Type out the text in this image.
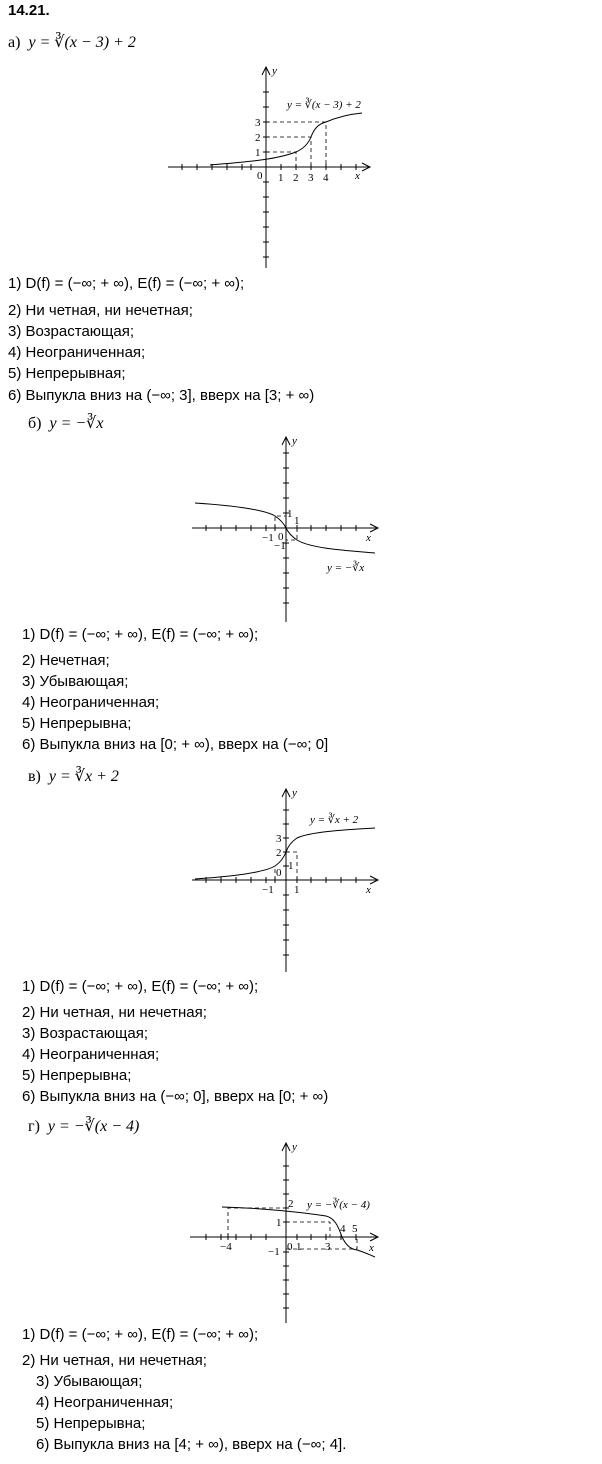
14.21.
а) y = ∛(x − 3) + 2
y
x
0 1 2 3 4
1
2
3
y = ∛(x − 3) + 2
1) D(f) = (−∞; + ∞), E(f) = (−∞; + ∞);
2) Ни четная, ни нечетная;
3) Возрастающая;
4) Неограниченная;
5) Непрерывная;
6) Выпукла вниз на (−∞; 3], вверх на [3; + ∞)
б) y = −∛x
y
x
0
−1
1
1
−1
y = −∛x
1) D(f) = (−∞; + ∞), E(f) = (−∞; + ∞);
2) Нечетная;
3) Убывающая;
4) Неограниченная;
5) Непрерывна;
6) Выпукла вниз на [0; + ∞), вверх на (−∞; 0]
в) y = ∛x + 2
y
x
0
−1 1
1
2
3
y = ∛x + 2
1) D(f) = (−∞; + ∞), E(f) = (−∞; + ∞);
2) Ни четная, ни нечетная;
3) Возрастающая;
4) Неограниченная;
5) Непрерывна;
6) Выпукла вниз на (−∞; 0], вверх на [0; + ∞)
г) y = −∛(x − 4)
y
x
0
−4	1 3
4 5
2
1
−1
y = −∛(x − 4)
1) D(f) = (−∞; + ∞), E(f) = (−∞; + ∞);
2) Ни четная, ни нечетная;
3) Убывающая;
4) Неограниченная;
5) Непрерывна;
6) Выпукла вниз на [4; + ∞), вверх на (−∞; 4].
